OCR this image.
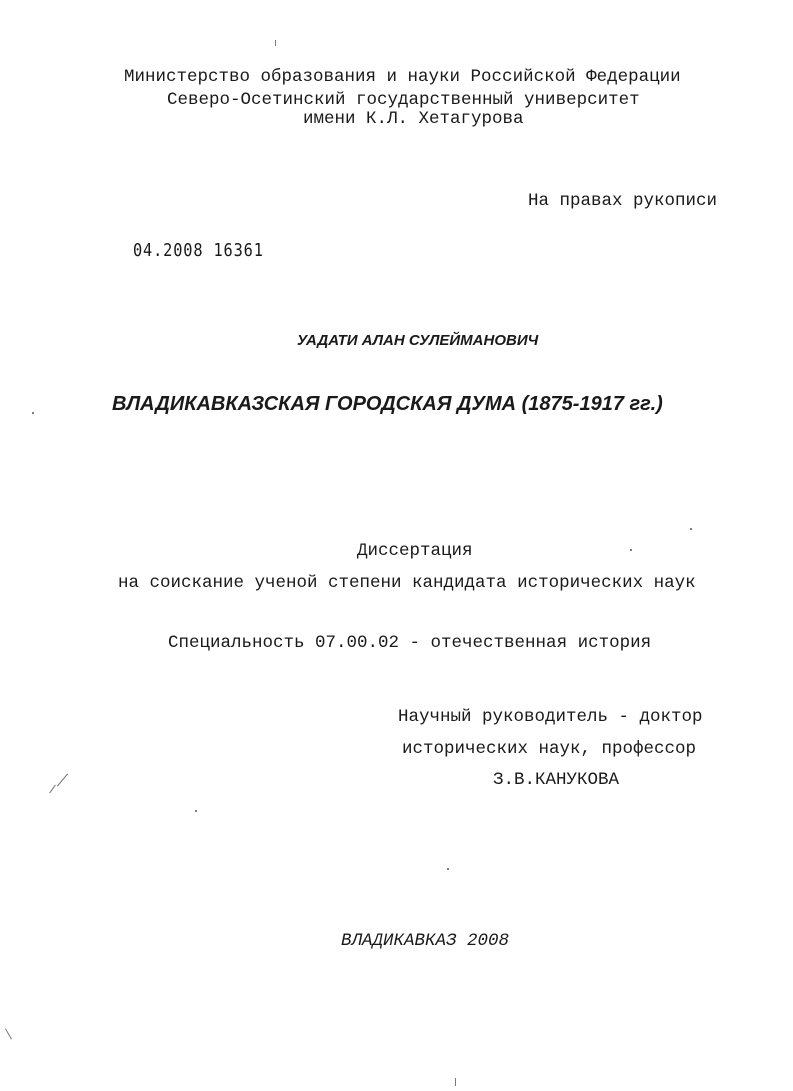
Министерство образования и науки Российской Федерации
Северо-Осетинский государственный университет
имени К.Л. Хетагурова
На правах рукописи
04.2008 16361
УАДАТИ АЛАН СУЛЕЙМАНОВИЧ
ВЛАДИКАВКАЗСКАЯ ГОРОДСКАЯ ДУМА (1875-1917 гг.)
Диссертация
на соискание ученой степени кандидата исторических наук
Специальность 07.00.02 - отечественная история
Научный руководитель - доктор
исторических наук, профессор
З.В.КАНУКОВА
ВЛАДИКАВКАЗ 2008
